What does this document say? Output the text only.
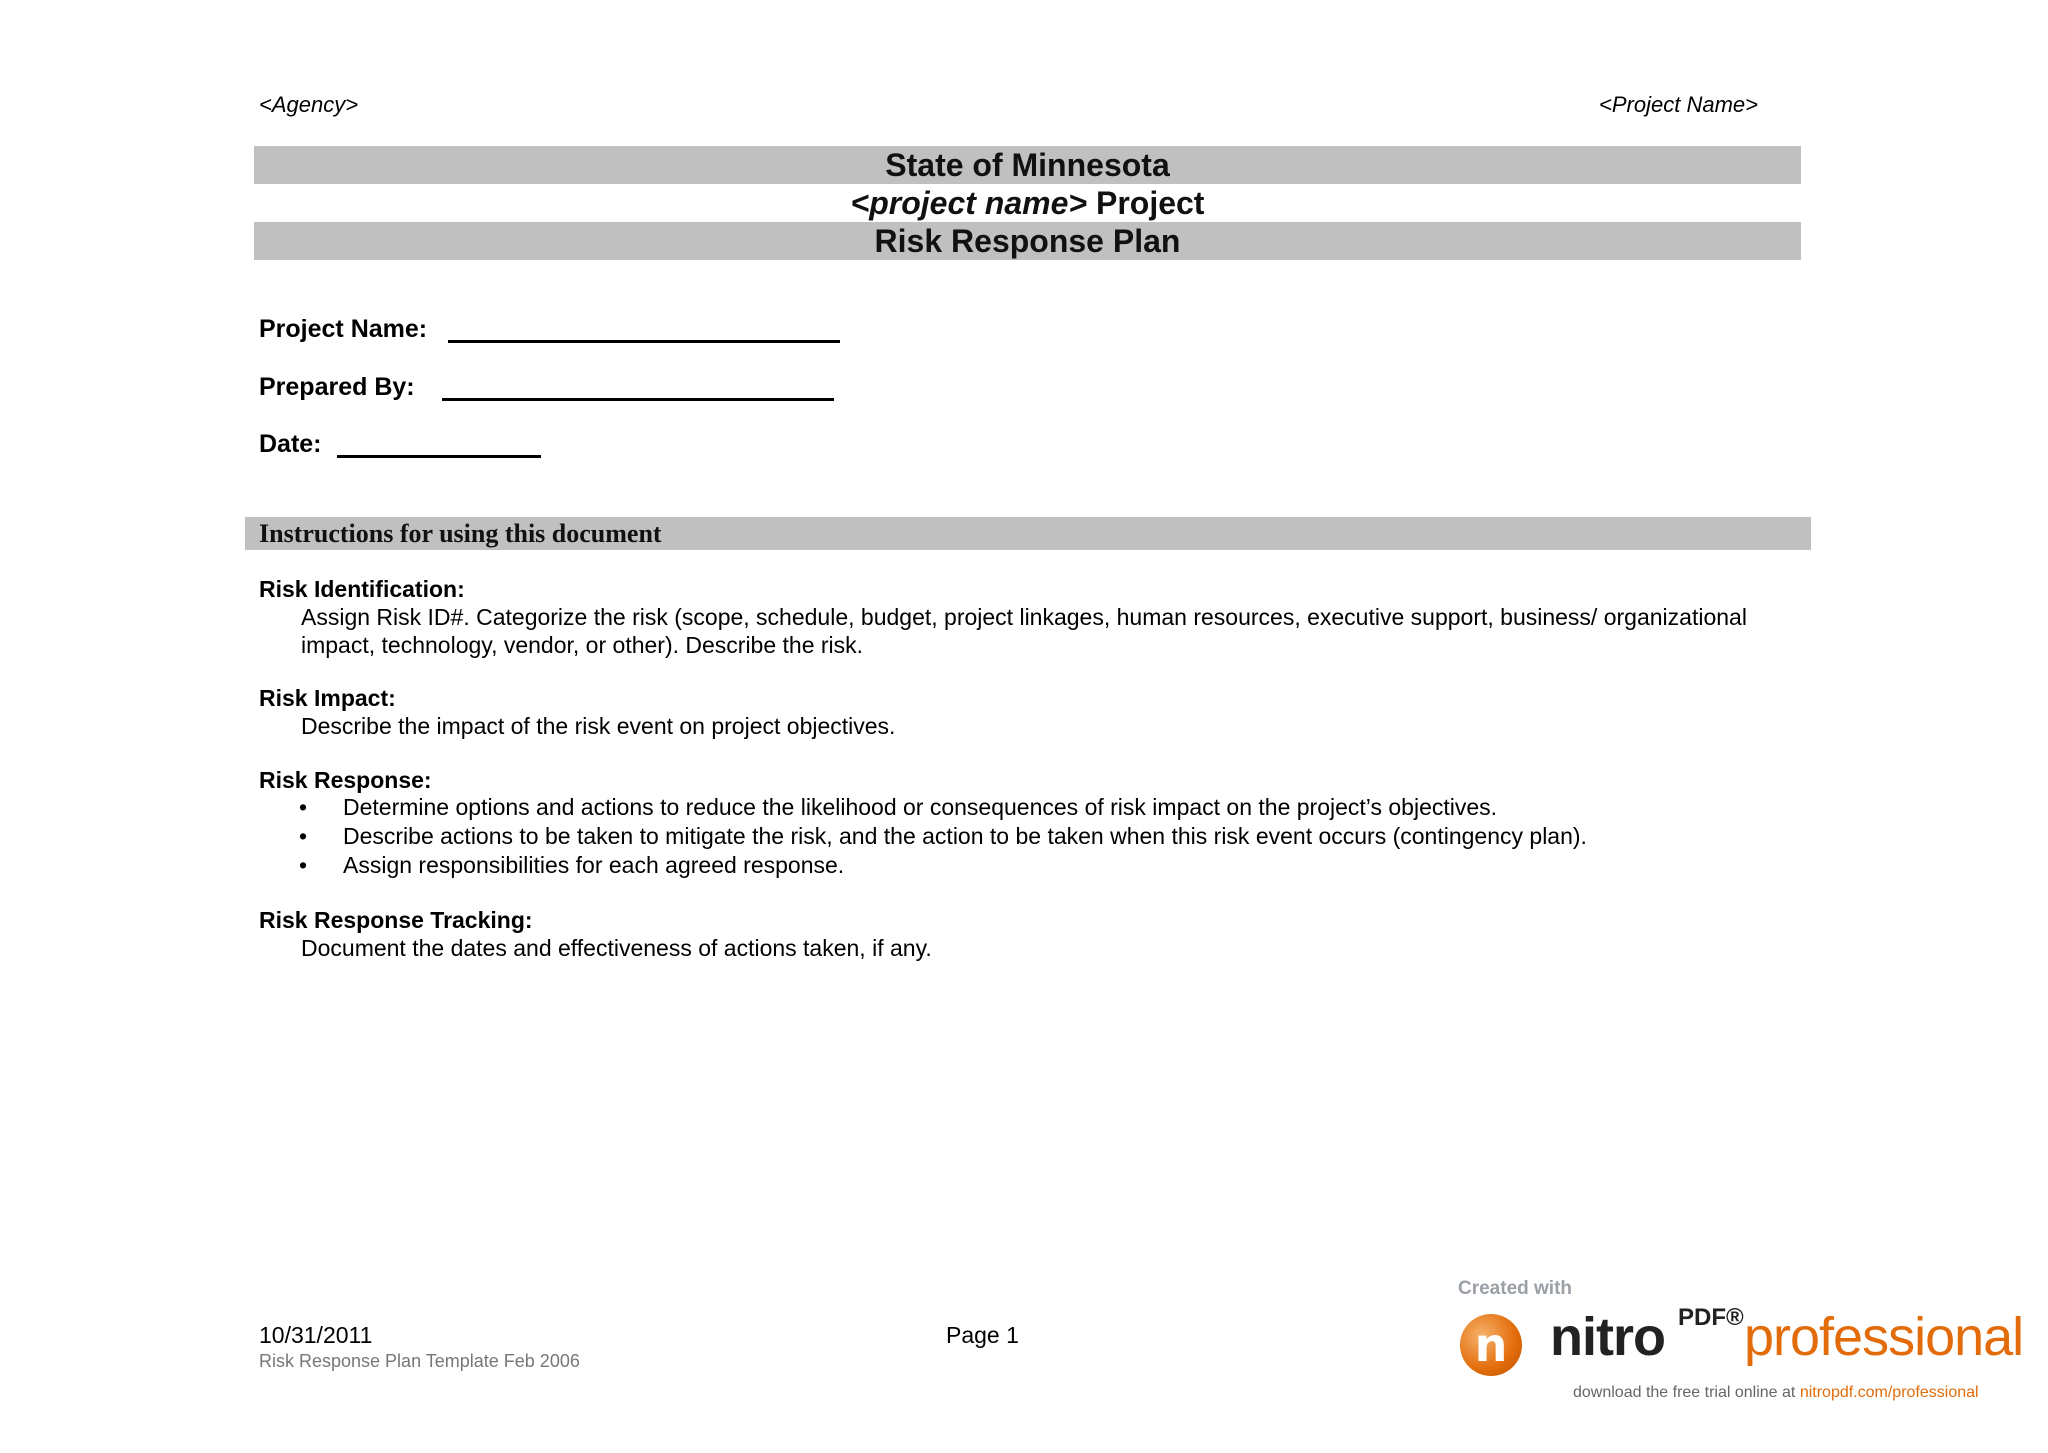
<Agency>	<Project Name>
State of Minnesota
<project name> Project
Risk Response Plan
Project Name:
Prepared By:
Date:
Instructions for using this document
Risk Identification:
Assign Risk ID#. Categorize the risk (scope, schedule, budget, project linkages, human resources, executive support, business/ organizational impact, technology, vendor, or other). Describe the risk.
Risk Impact:
Describe the impact of the risk event on project objectives.
Risk Response:
• Determine options and actions to reduce the likelihood or consequences of risk impact on the project’s objectives.
• Describe actions to be taken to mitigate the risk, and the action to be taken when this risk event occurs (contingency plan).
• Assign responsibilities for each agreed response.
Risk Response Tracking:
Document the dates and effectiveness of actions taken, if any.
10/31/2011
Risk Response Plan Template Feb 2006
Page 1
Created with
n nitro PDF® professional
download the free trial online at nitropdf.com/professional
